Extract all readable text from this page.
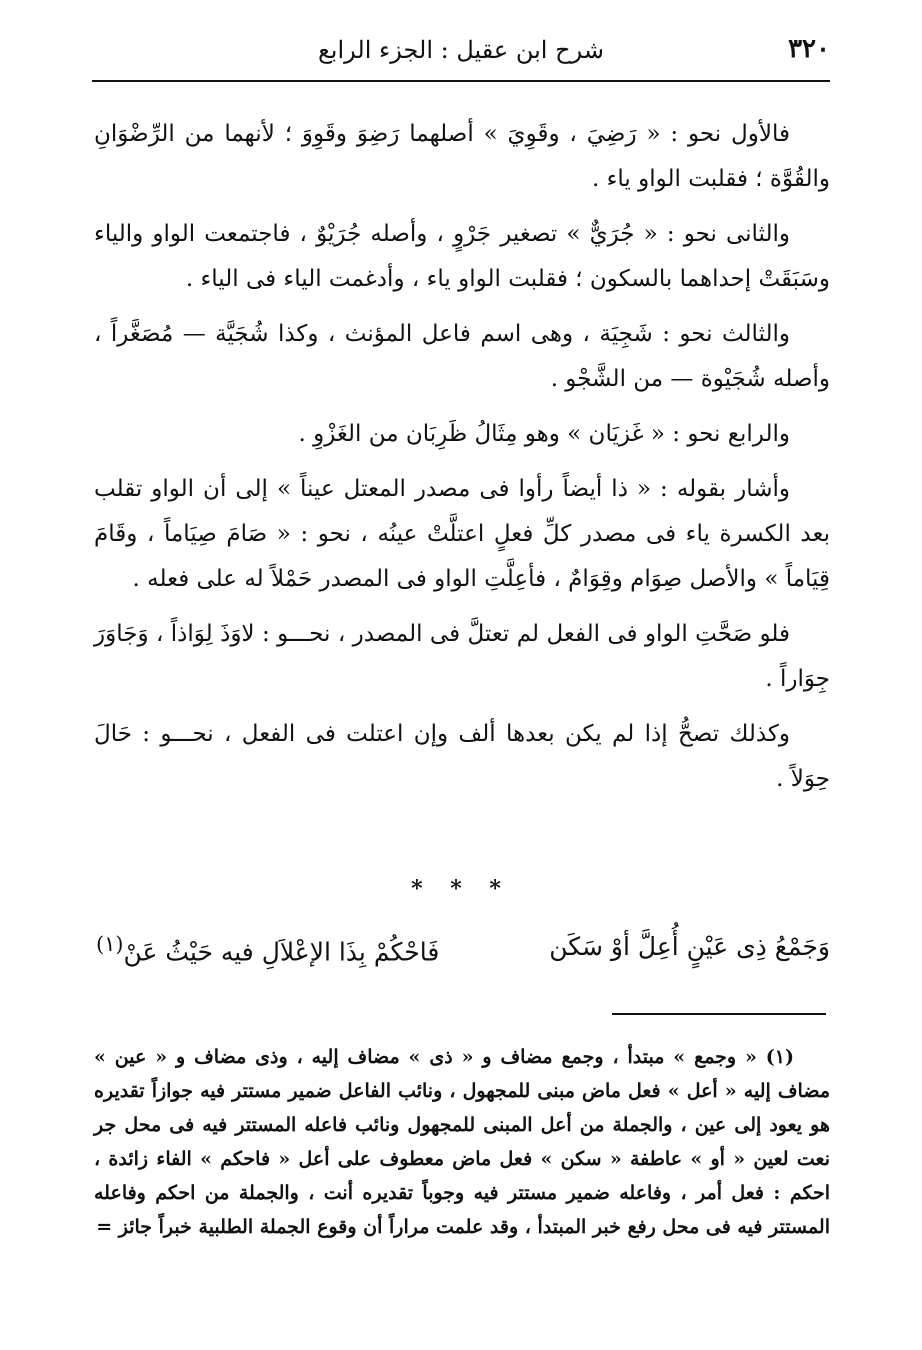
٣٢٠
شرح ابن عقيل : الجزء الرابع

فالأول نحو : « رَضِيَ ، وقَوِيَ » أصلهما رَضِوَ وقَوِوَ ؛ لأنهما من الرِّضْوَانِ والقُوَّة ؛ فقلبت الواو ياء .

والثانى نحو : « جُرَيٌّ » تصغير جَرْوٍ ، وأصله جُرَيْوٌ ، فاجتمعت الواو والياء وسَبَقَتْ إحداهما بالسكون ؛ فقلبت الواو ياء ، وأدغمت الياء فى الياء .

والثالث نحو : شَجِيَة ، وهى اسم فاعل المؤنث ، وكذا شُجَيَّة — مُصَغَّراً ، وأصله شُجَيْوة — من الشَّجْو .

والرابع نحو : « غَزيَان » وهو مِثَالُ ظَرِبَان من الغَزْوِ .

وأشار بقوله : « ذا أيضاً رأوا فى مصدر المعتل عيناً » إلى أن الواو تقلب بعد الكسرة ياء فى مصدر كلِّ فعلٍ اعتلَّتْ عينُه ، نحو : « صَامَ صِيَاماً ، وقَامَ قِيَاماً » والأصل صِوَام وقِوَامٌ ، فأعِلَّتِ الواو فى المصدر حَمْلاً له على فعله .

فلو صَحَّتِ الواو فى الفعل لم تعتلَّ فى المصدر ، نحـــو : لاوَذَ لِوَاذاً ، وَجَاوَرَ جِوَاراً .

وكذلك تصحُّ إذا لم يكن بعدها ألف وإن اعتلت فى الفعل ، نحـــو : حَالَ حِوَلاً .

* * *
وَجَمْعُ ذِى عَيْنٍ أُعِلَّ أوْ سَكَن
فَاحْكُمْ بِذَا الإعْلاَلِ فيه حَيْثُ عَنْ$^{(١)}$

(١) « وجمع » مبتدأ ، وجمع مضاف و « ذى » مضاف إليه ، وذى مضاف و « عين » مضاف إليه « أعل » فعل ماض مبنى للمجهول ، ونائب الفاعل ضمير مستتر فيه جوازاً تقديره هو يعود إلى عين ، والجملة من أعل المبنى للمجهول ونائب فاعله المستتر فيه فى محل جر نعت لعين « أو » عاطفة « سكن » فعل ماض معطوف على أعل « فاحكم » الفاء زائدة ، احكم : فعل أمر ، وفاعله ضمير مستتر فيه وجوباً تقديره أنت ، والجملة من احكم وفاعله المستتر فيه فى محل رفع خبر المبتدأ ، وقد علمت مراراً أن وقوع الجملة الطلبية خبراً جائز =
